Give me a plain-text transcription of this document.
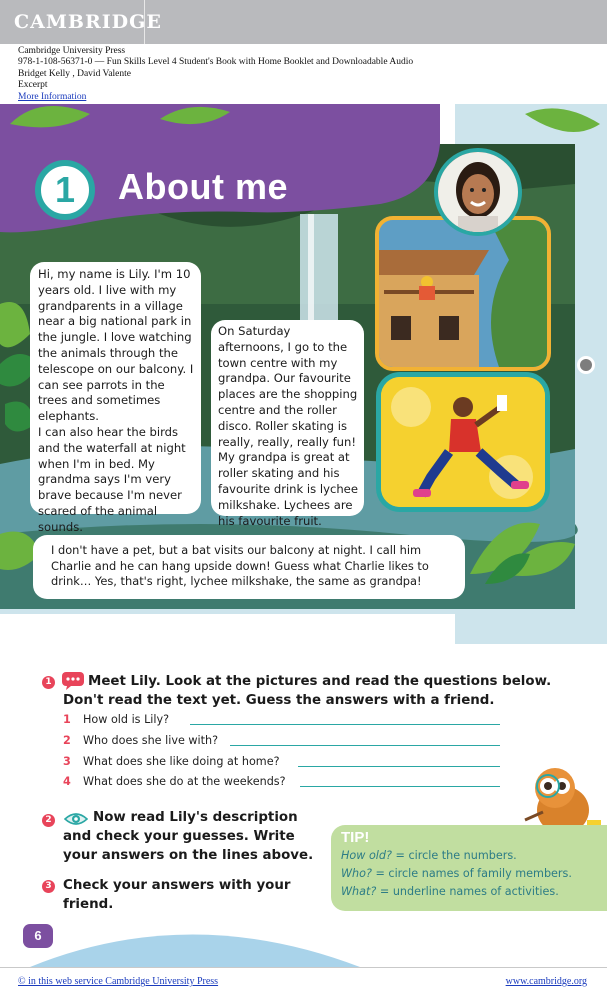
CAMBRIDGE
Cambridge University Press
978-1-108-56371-0 — Fun Skills Level 4 Student's Book with Home Booklet and Downloadable Audio
Bridget Kelly , David Valente
Excerpt
More Information
1	About me
Hi, my name is Lily. I'm 10 years old. I live with my grandparents in a village near a big national park in the jungle. I love watching the animals through the telescope on our balcony. I can see parrots in the trees and sometimes elephants.
I can also hear the birds and the waterfall at night when I'm in bed. My grandma says I'm very brave because I'm never scared of the animal sounds.
On Saturday afternoons, I go to the town centre with my grandpa. Our favourite places are the shopping centre and the roller disco. Roller skating is really, really, really fun! My grandpa is great at roller skating and his favourite drink is lychee milkshake. Lychees are his favourite fruit.
I don't have a pet, but a bat visits our balcony at night. I call him Charlie and he can hang upside down! Guess what Charlie likes to drink… Yes, that's right, lychee milkshake, the same as grandpa!
1	Meet Lily. Look at the pictures and read the questions below. Don't read the text yet. Guess the answers with a friend.
1 How old is Lily?
2 Who does she live with?
3 What does she like doing at home?
4 What does she do at the weekends?
2	Now read Lily's description and check your guesses. Write your answers on the lines above.
3 Check your answers with your friend.
TIP!
How old? = circle the numbers.
Who? = circle names of family members.
What? = underline names of activities.
6
© in this web service Cambridge University Press	www.cambridge.org
